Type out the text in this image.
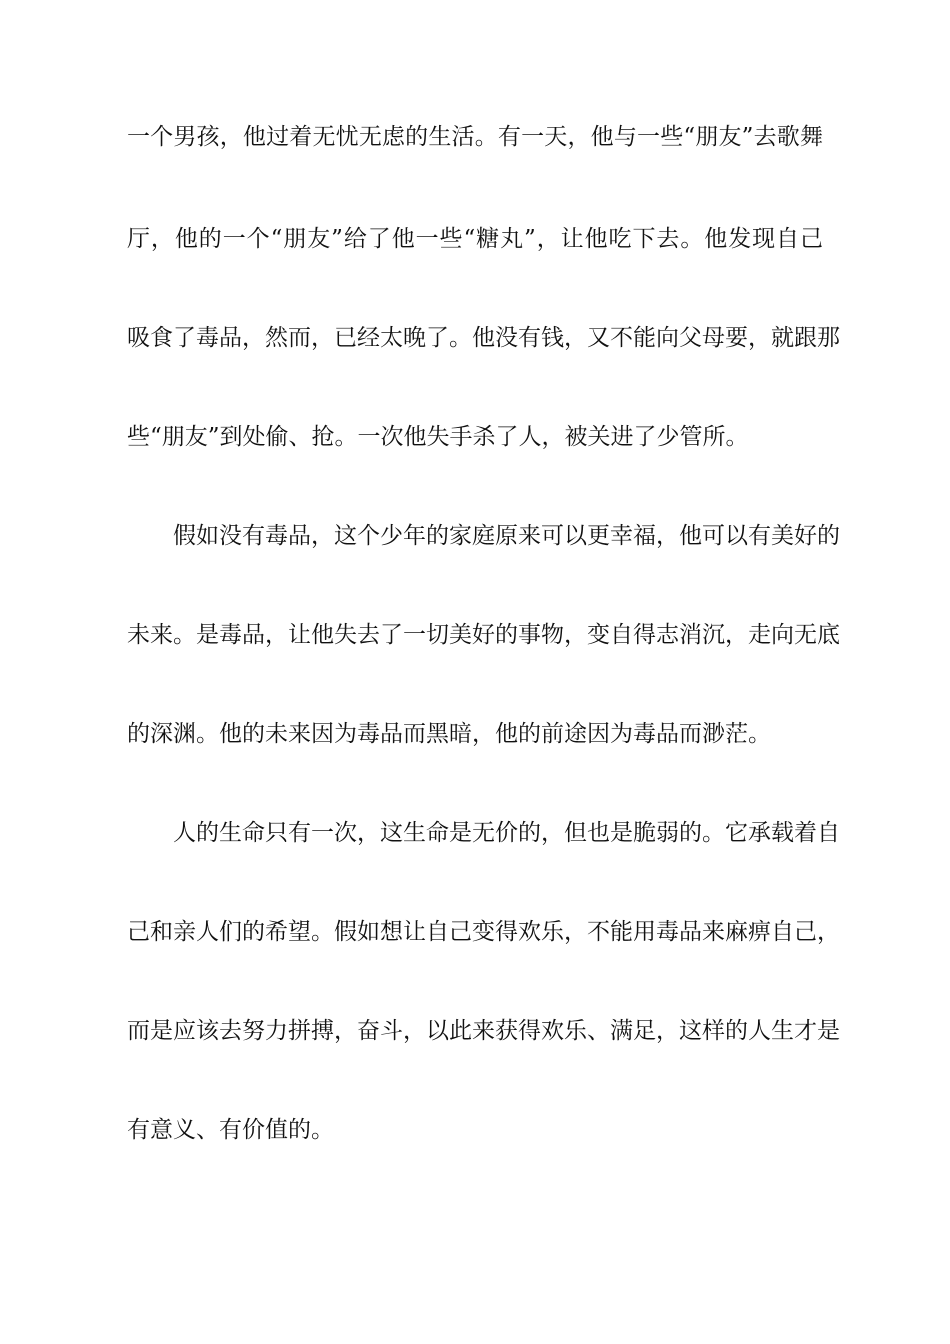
一个男孩，他过着无忧无虑的生活。有一天，他与一些“朋友”去歌舞
厅，他的一个“朋友”给了他一些“糖丸”，让他吃下去。他发现自己
吸食了毒品，然而，已经太晚了。他没有钱，又不能向父母要，就跟那
些“朋友”到处偷、抢。一次他失手杀了人，被关进了少管所。
假如没有毒品，这个少年的家庭原来可以更幸福，他可以有美好的
未来。是毒品，让他失去了一切美好的事物，变自得志消沉，走向无底
的深渊。他的未来因为毒品而黑暗，他的前途因为毒品而渺茫。
人的生命只有一次，这生命是无价的，但也是脆弱的。它承载着自
己和亲人们的希望。假如想让自己变得欢乐，不能用毒品来麻痹自己，
而是应该去努力拼搏，奋斗，以此来获得欢乐、满足，这样的人生才是
有意义、有价值的。
